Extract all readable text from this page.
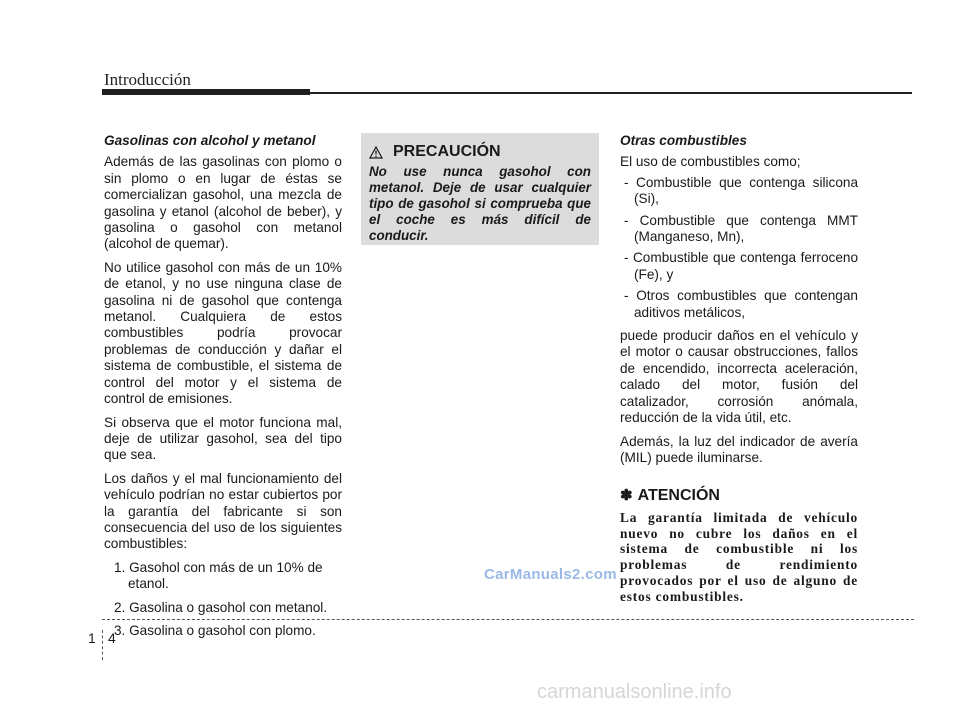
Introducción
Gasolinas con alcohol y metanol

Además de las gasolinas con plomo o sin plomo o en lugar de éstas se comercializan gasohol, una mezcla de gasolina y etanol (alcohol de beber), y gasolina o gasohol con metanol (alcohol de quemar).

No utilice gasohol con más de un 10% de etanol, y no use ninguna clase de gasolina ni de gasohol que contenga metanol. Cualquiera de estos combustibles podría provocar problemas de conducción y dañar el sistema de combustible, el sistema de control del motor y el sistema de control de emisiones.

Si observa que el motor funciona mal, deje de utilizar gasohol, sea del tipo que sea.

Los daños y el mal funcionamiento del vehículo podrían no estar cubiertos por la garantía del fabricante si son consecuencia del uso de los siguientes combustibles:

1. Gasohol con más de un 10% de etanol.
2. Gasolina o gasohol con metanol.
3. Gasolina o gasohol con plomo.
PRECAUCIÓN
No use nunca gasohol con metanol. Deje de usar cualquier tipo de gasohol si comprueba que el coche es más difícil de conducir.
Otras combustibles

El uso de combustibles como;

- Combustible que contenga silicona (Si),
- Combustible que contenga MMT (Manganeso, Mn),
- Combustible que contenga ferroceno (Fe), y
- Otros combustibles que contengan aditivos metálicos,

puede producir daños en el vehículo y el motor o causar obstrucciones, fallos de encendido, incorrecta aceleración, calado del motor, fusión del catalizador, corrosión anómala, reducción de la vida útil, etc.

Además, la luz del indicador de avería (MIL) puede iluminarse.

✽ ATENCIÓN
La garantía limitada de vehículo nuevo no cubre los daños en el sistema de combustible ni los problemas de rendimiento provocados por el uso de alguno de estos combustibles.
CarManuals2.com
1 4
carmanualsonline.info
